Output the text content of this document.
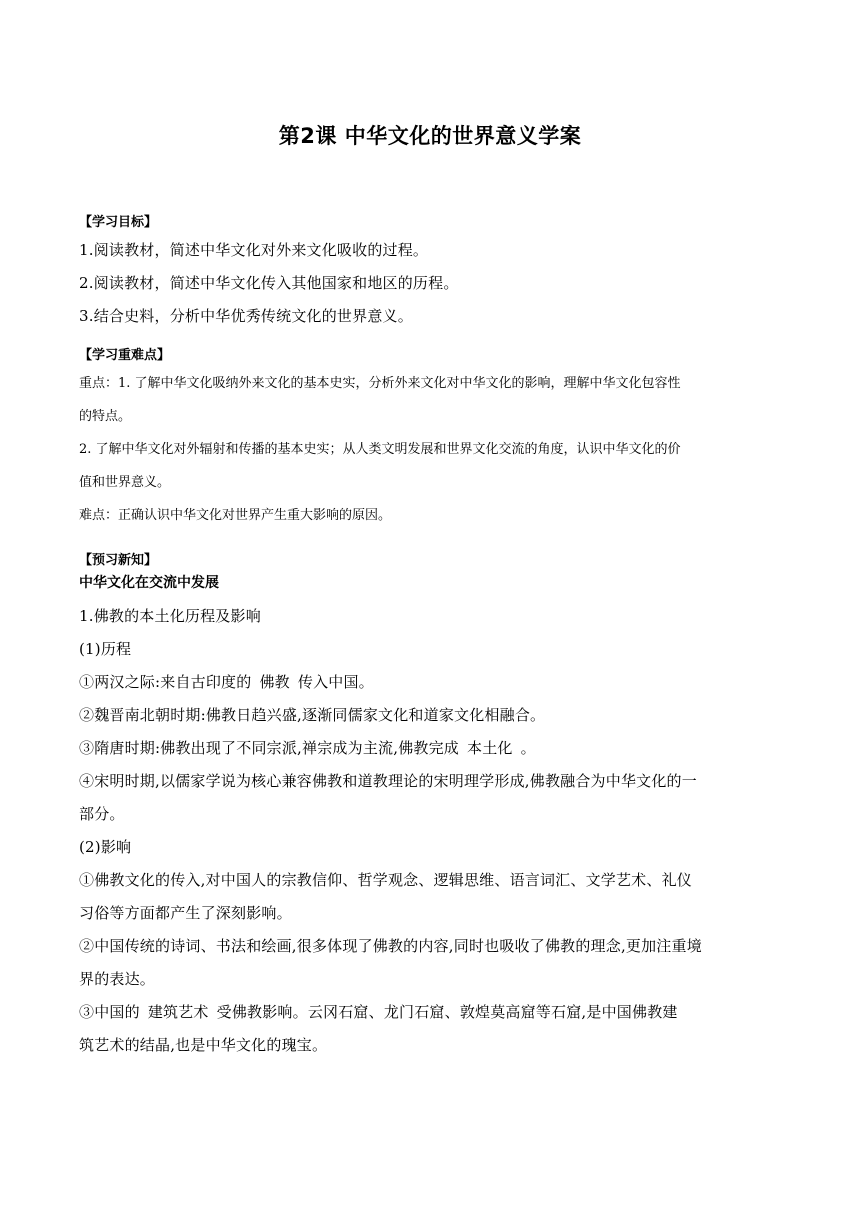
第2课 中华文化的世界意义学案

【学习目标】

1.阅读教材，简述中华文化对外来文化吸收的过程。

2.阅读教材，简述中华文化传入其他国家和地区的历程。

3.结合史料，分析中华优秀传统文化的世界意义。

【学习重难点】

重点：1. 了解中华文化吸纳外来文化的基本史实，分析外来文化对中华文化的影响，理解中华文化包容性

的特点。

2. 了解中华文化对外辐射和传播的基本史实；从人类文明发展和世界文化交流的角度，认识中华文化的价

值和世界意义。

难点：正确认识中华文化对世界产生重大影响的原因。

【预习新知】

中华文化在交流中发展

1.佛教的本土化历程及影响

(1)历程

①两汉之际:来自古印度的 佛教 传入中国。

②魏晋南北朝时期:佛教日趋兴盛,逐渐同儒家文化和道家文化相融合。

③隋唐时期:佛教出现了不同宗派,禅宗成为主流,佛教完成 本土化 。

④宋明时期,以儒家学说为核心兼容佛教和道教理论的宋明理学形成,佛教融合为中华文化的一

部分。

(2)影响

①佛教文化的传入,对中国人的宗教信仰、哲学观念、逻辑思维、语言词汇、文学艺术、礼仪

习俗等方面都产生了深刻影响。

②中国传统的诗词、书法和绘画,很多体现了佛教的内容,同时也吸收了佛教的理念,更加注重境

界的表达。

③中国的 建筑艺术 受佛教影响。云冈石窟、龙门石窟、敦煌莫高窟等石窟,是中国佛教建

筑艺术的结晶,也是中华文化的瑰宝。
